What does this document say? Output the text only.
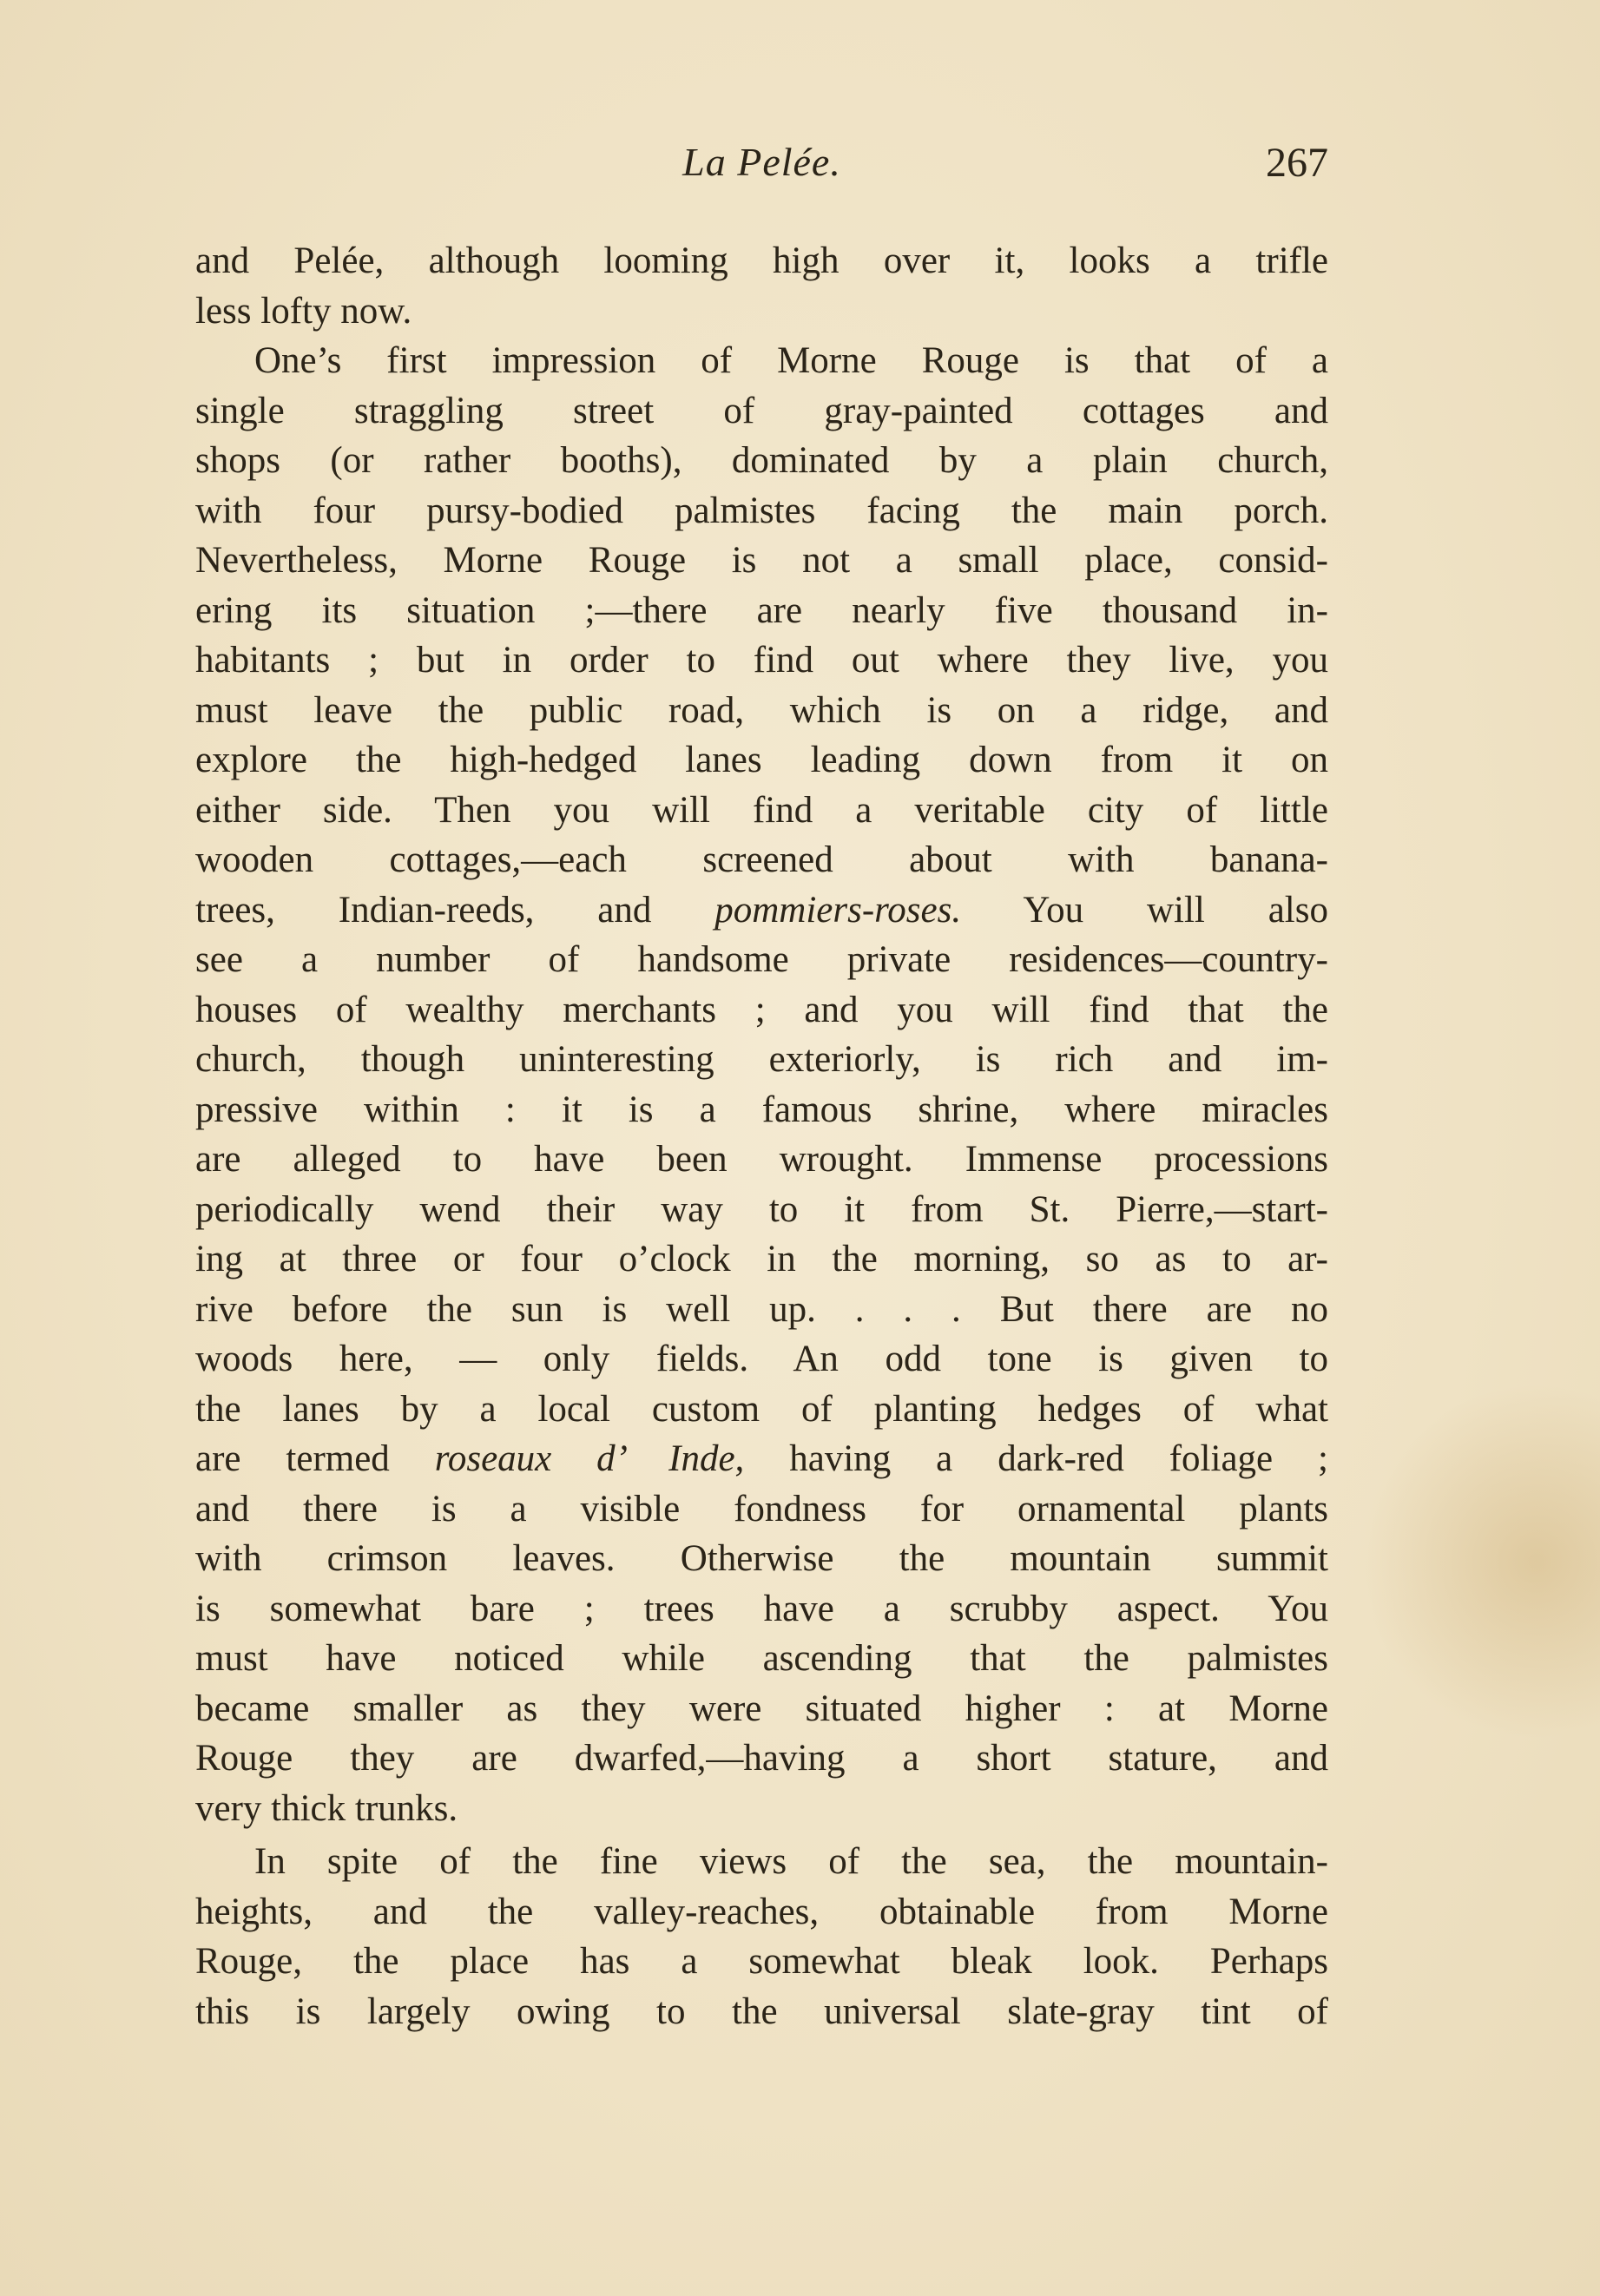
La Pelée.	267
and Pelée, although looming high over it, looks a trifle
less lofty now.
One’s first impression of Morne Rouge is that of a
single straggling street of gray-painted cottages and
shops (or rather booths), dominated by a plain church,
with four pursy-bodied palmistes facing the main porch.
Nevertheless, Morne Rouge is not a small place, consid-
ering its situation ;—there are nearly five thousand in-
habitants ; but in order to find out where they live, you
must leave the public road, which is on a ridge, and
explore the high-hedged lanes leading down from it on
either side. Then you will find a veritable city of little
wooden cottages,—each screened about with banana-
trees, Indian-reeds, and pommiers-roses. You will also
see a number of handsome private residences—country-
houses of wealthy merchants ; and you will find that the
church, though uninteresting exteriorly, is rich and im-
pressive within : it is a famous shrine, where miracles
are alleged to have been wrought. Immense processions
periodically wend their way to it from St. Pierre,—start-
ing at three or four o’clock in the morning, so as to ar-
rive before the sun is well up. . . . But there are no
woods here, — only fields. An odd tone is given to
the lanes by a local custom of planting hedges of what
are termed roseaux d’ Inde, having a dark-red foliage ;
and there is a visible fondness for ornamental plants
with crimson leaves. Otherwise the mountain summit
is somewhat bare ; trees have a scrubby aspect. You
must have noticed while ascending that the palmistes
became smaller as they were situated higher : at Morne
Rouge they are dwarfed,—having a short stature, and
very thick trunks.
In spite of the fine views of the sea, the mountain-
heights, and the valley-reaches, obtainable from Morne
Rouge, the place has a somewhat bleak look. Perhaps
this is largely owing to the universal slate-gray tint of
